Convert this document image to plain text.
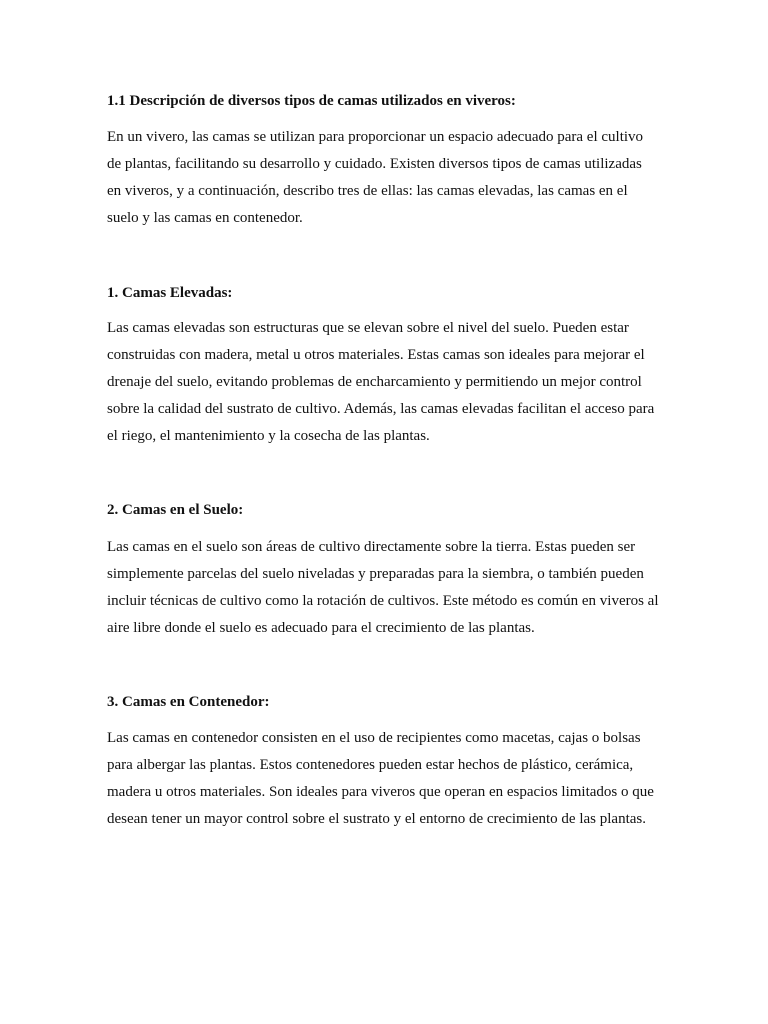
1.1 Descripción de diversos tipos de camas utilizados en viveros:
En un vivero, las camas se utilizan para proporcionar un espacio adecuado para el cultivo
de plantas, facilitando su desarrollo y cuidado. Existen diversos tipos de camas utilizadas
en viveros, y a continuación, describo tres de ellas: las camas elevadas, las camas en el
suelo y las camas en contenedor.
1. Camas Elevadas:
Las camas elevadas son estructuras que se elevan sobre el nivel del suelo. Pueden estar
construidas con madera, metal u otros materiales. Estas camas son ideales para mejorar el
drenaje del suelo, evitando problemas de encharcamiento y permitiendo un mejor control
sobre la calidad del sustrato de cultivo. Además, las camas elevadas facilitan el acceso para
el riego, el mantenimiento y la cosecha de las plantas.
2. Camas en el Suelo:
Las camas en el suelo son áreas de cultivo directamente sobre la tierra. Estas pueden ser
simplemente parcelas del suelo niveladas y preparadas para la siembra, o también pueden
incluir técnicas de cultivo como la rotación de cultivos. Este método es común en viveros al
aire libre donde el suelo es adecuado para el crecimiento de las plantas.
3. Camas en Contenedor:
Las camas en contenedor consisten en el uso de recipientes como macetas, cajas o bolsas
para albergar las plantas. Estos contenedores pueden estar hechos de plástico, cerámica,
madera u otros materiales. Son ideales para viveros que operan en espacios limitados o que
desean tener un mayor control sobre el sustrato y el entorno de crecimiento de las plantas.
